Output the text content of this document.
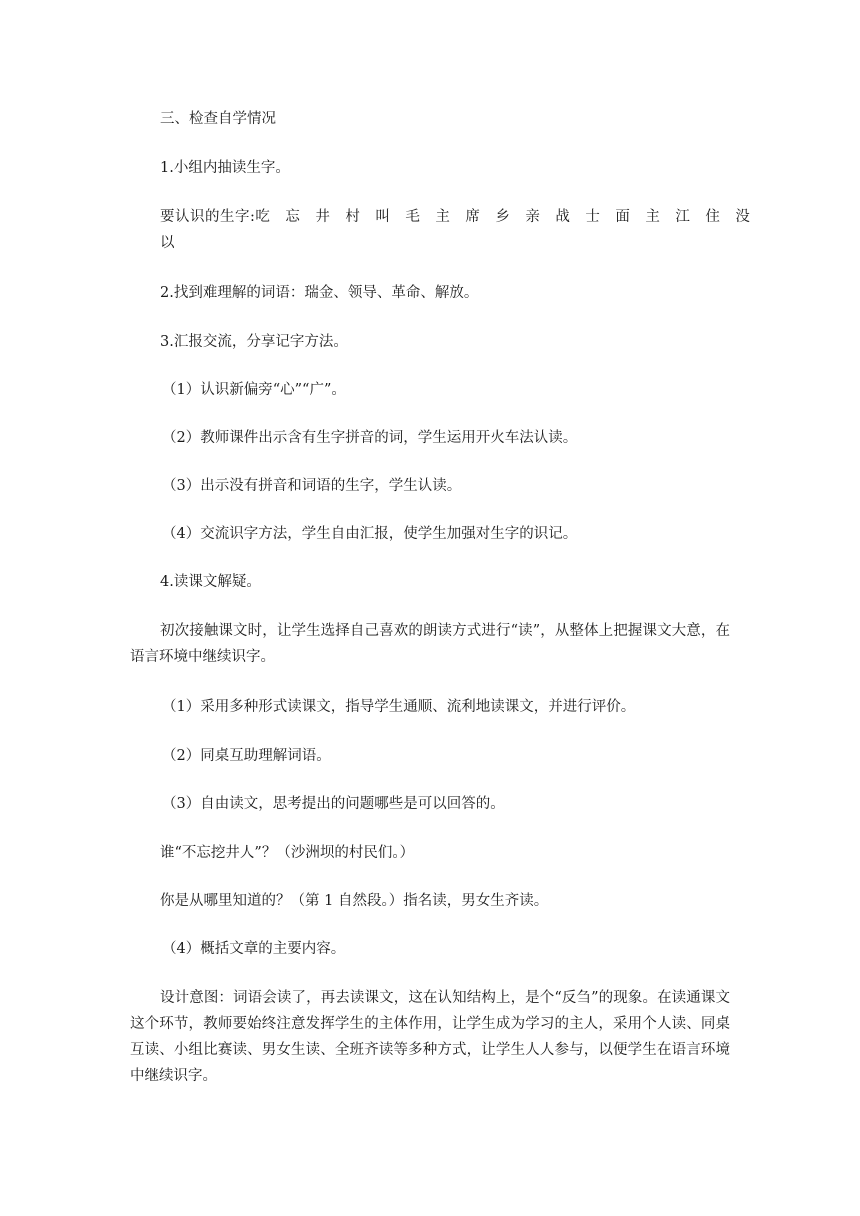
三、检查自学情况

1.小组内抽读生字。

要认识的生字:吃　忘　井　村　叫　毛　主　席　乡　亲　战　士　面　主　江　住　没　以

2.找到难理解的词语：瑞金、领导、革命、解放。

3.汇报交流，分享记字方法。

（1）认识新偏旁“心”“广”。

（2）教师课件出示含有生字拼音的词，学生运用开火车法认读。

（3）出示没有拼音和词语的生字，学生认读。

（4）交流识字方法，学生自由汇报，使学生加强对生字的识记。

4.读课文解疑。

初次接触课文时，让学生选择自己喜欢的朗读方式进行“读”，从整体上把握课文大意，在语言环境中继续识字。

（1）采用多种形式读课文，指导学生通顺、流利地读课文，并进行评价。

（2）同桌互助理解词语。

（3）自由读文，思考提出的问题哪些是可以回答的。

谁“不忘挖井人”？（沙洲坝的村民们。）

你是从哪里知道的？（第 1 自然段。）指名读，男女生齐读。

（4）概括文章的主要内容。

设计意图：词语会读了，再去读课文，这在认知结构上，是个“反刍”的现象。在读通课文这个环节，教师要始终注意发挥学生的主体作用，让学生成为学习的主人，采用个人读、同桌互读、小组比赛读、男女生读、全班齐读等多种方式，让学生人人参与，以便学生在语言环境中继续识字。
